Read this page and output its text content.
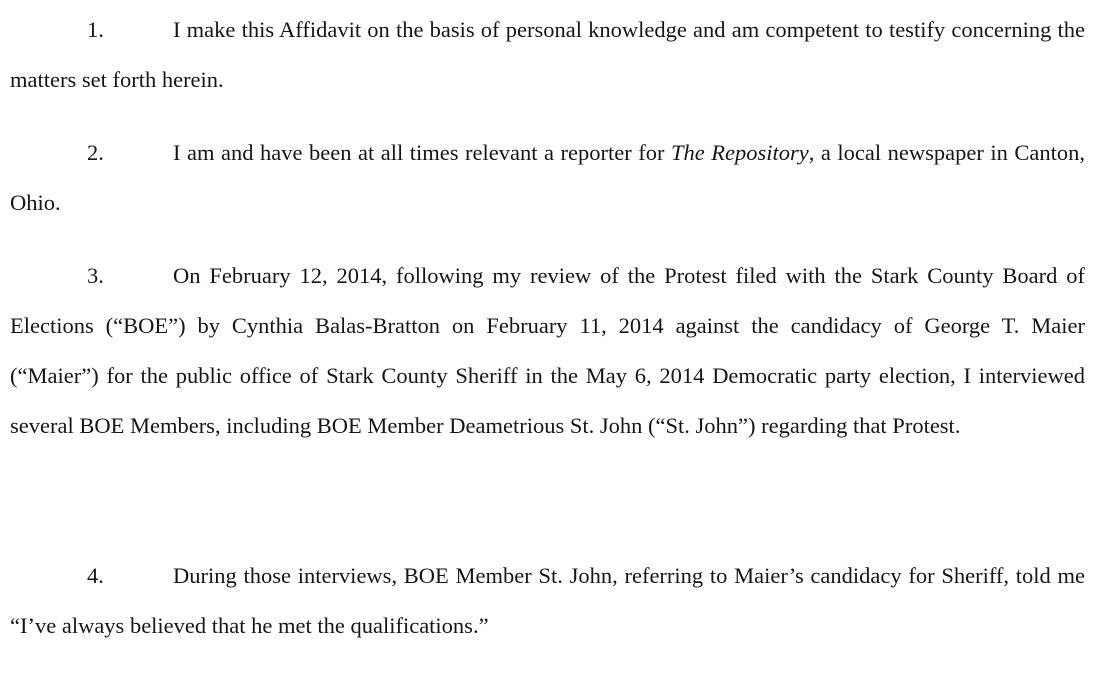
1.	I make this Affidavit on the basis of personal knowledge and am competent to testify concerning the matters set forth herein.

2.	I am and have been at all times relevant a reporter for The Repository, a local newspaper in Canton, Ohio.

3.	On February 12, 2014, following my review of the Protest filed with the Stark County Board of Elections (“BOE”) by Cynthia Balas-Bratton on February 11, 2014 against the candidacy of George T. Maier (“Maier”) for the public office of Stark County Sheriff in the May 6, 2014 Democratic party election, I interviewed several BOE Members, including BOE Member Deametrious St. John (“St. John”) regarding that Protest.

4.	During those interviews, BOE Member St. John, referring to Maier’s candidacy for Sheriff, told me “I’ve always believed that he met the qualifications.”
